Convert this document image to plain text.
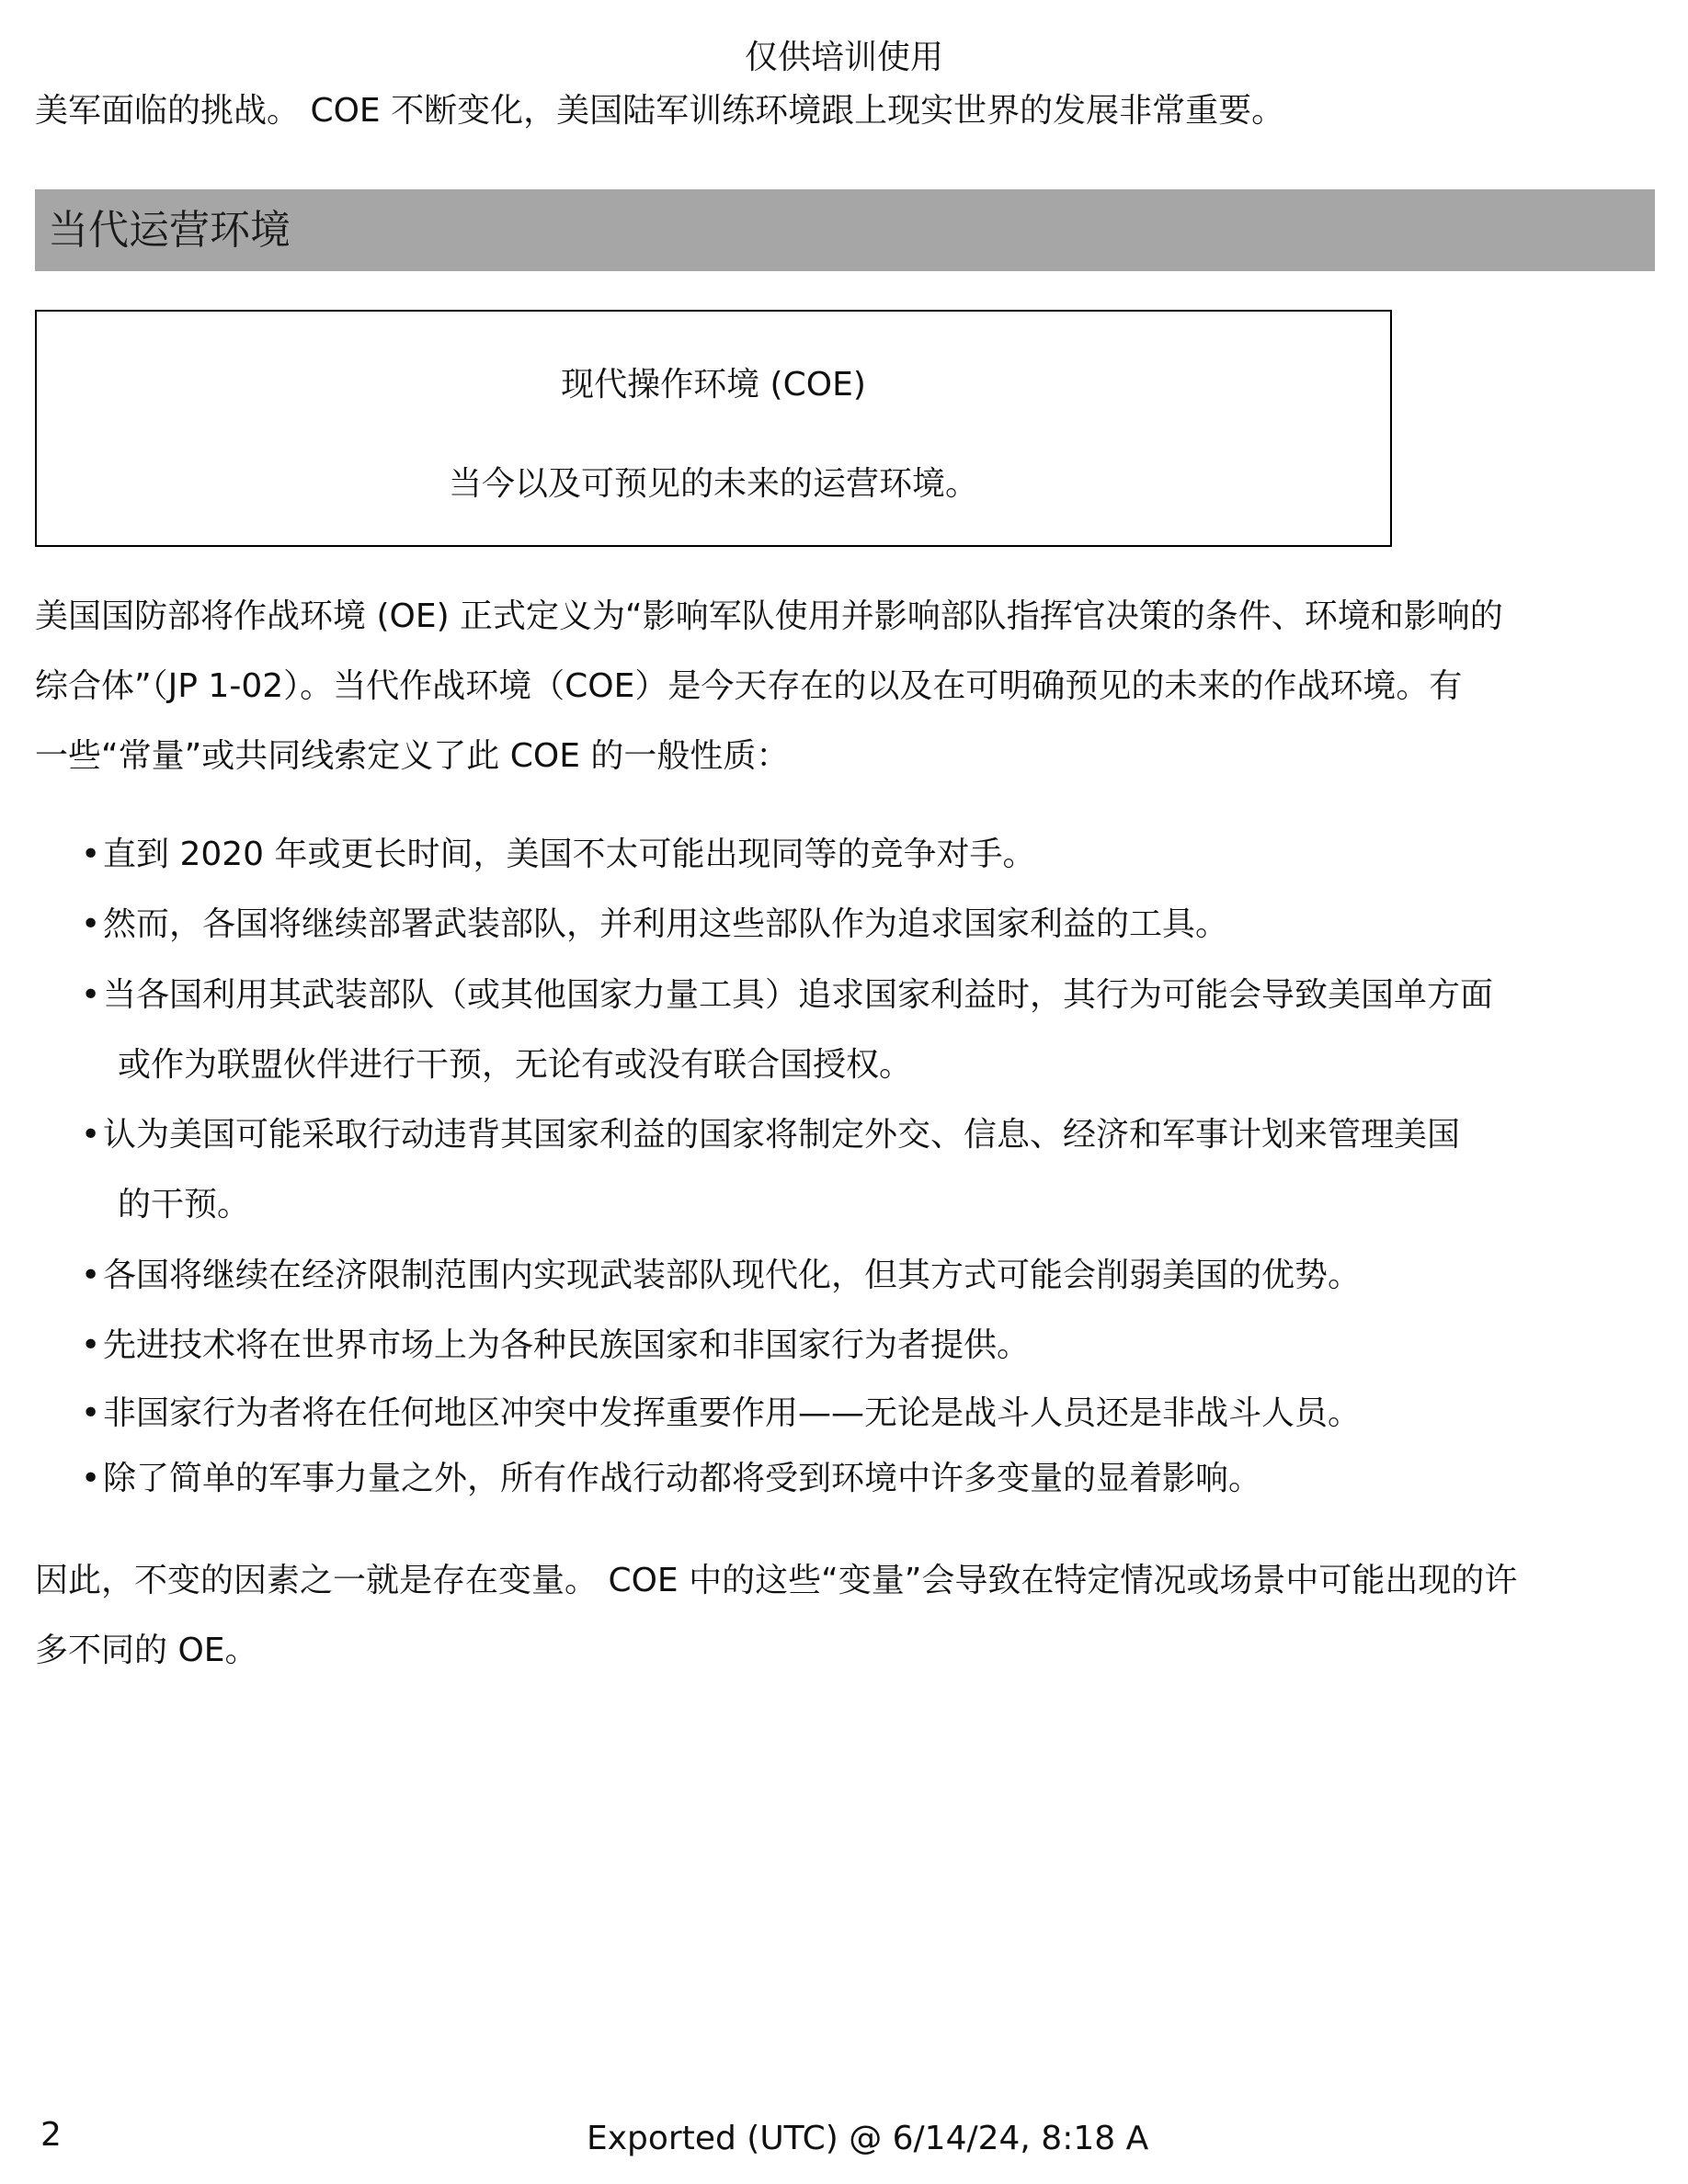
仅供培训使用
美军面临的挑战。 COE 不断变化，美国陆军训练环境跟上现实世界的发展非常重要。
当代运营环境
现代操作环境 (COE)
当今以及可预见的未来的运营环境。
美国国防部将作战环境 (OE) 正式定义为“影响军队使用并影响部队指挥官决策的条件、环境和影响的
综合体”（JP 1-02）。当代作战环境（COE）是今天存在的以及在可明确预见的未来的作战环境。有
一些“常量”或共同线索定义了此 COE 的一般性质：
•直到 2020 年或更长时间，美国不太可能出现同等的竞争对手。
•然而，各国将继续部署武装部队，并利用这些部队作为追求国家利益的工具。
•当各国利用其武装部队（或其他国家力量工具）追求国家利益时，其行为可能会导致美国单方面
或作为联盟伙伴进行干预，无论有或没有联合国授权。
•认为美国可能采取行动违背其国家利益的国家将制定外交、信息、经济和军事计划来管理美国
的干预。
•各国将继续在经济限制范围内实现武装部队现代化，但其方式可能会削弱美国的优势。
•先进技术将在世界市场上为各种民族国家和非国家行为者提供。
•非国家行为者将在任何地区冲突中发挥重要作用——无论是战斗人员还是非战斗人员。
•除了简单的军事力量之外，所有作战行动都将受到环境中许多变量的显着影响。
因此，不变的因素之一就是存在变量。 COE 中的这些“变量”会导致在特定情况或场景中可能出现的许
多不同的 OE。
2	Exported (UTC) @ 6/14/24, 8:18 A
